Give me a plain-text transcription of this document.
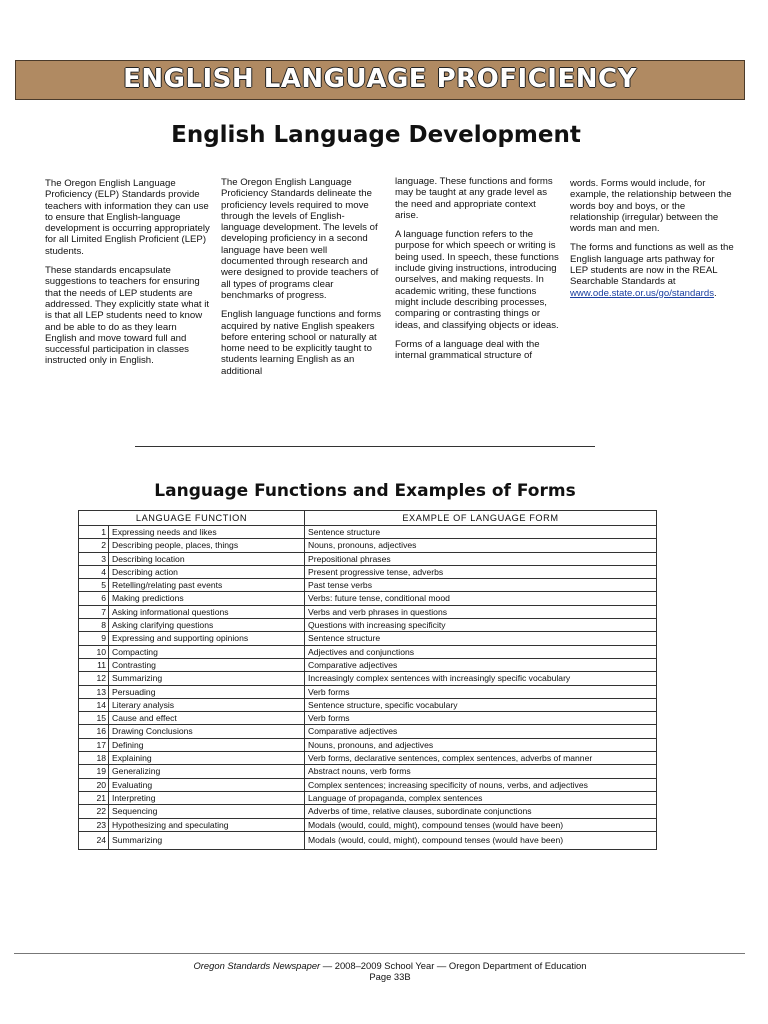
ENGLISH LANGUAGE PROFICIENCY
English Language Development

The Oregon English Language Proficiency (ELP) Standards provide teachers with information they can use to ensure that English-language development is occurring appropriately for all Limited English Proficient (LEP) students.

These standards encapsulate suggestions to teachers for ensuring that the needs of LEP students are addressed. They explicitly state what it is that all LEP students need to know and be able to do as they learn English and move toward full and successful participation in classes instructed only in English.

The Oregon English Language Proficiency Standards delineate the proficiency levels required to move through the levels of English-language development. The levels of developing proficiency in a second language have been well documented through research and were designed to provide teachers of all types of programs clear benchmarks of progress.

English language functions and forms acquired by native English speakers before entering school or naturally at home need to be explicitly taught to students learning English as an additional

language. These functions and forms may be taught at any grade level as the need and appropriate context arise.

A language function refers to the purpose for which speech or writing is being used. In speech, these functions include giving instructions, introducing ourselves, and making requests. In academic writing, these functions might include describing processes, comparing or contrasting things or ideas, and classifying objects or ideas.

Forms of a language deal with the internal grammatical structure of

words. Forms would include, for example, the relationship between the words boy and boys, or the relationship (irregular) between the words man and men.

The forms and functions as well as the English language arts pathway for LEP students are now in the REAL Searchable Standards at www.ode.state.or.us/go/standards.

Language Functions and Examples of Forms
LANGUAGE FUNCTION		EXAMPLE OF LANGUAGE FORM
1	Expressing needs and likes	Sentence structure
2	Describing people, places, things	Nouns, pronouns, adjectives
3	Describing location	Prepositional phrases
4	Describing action	Present progressive tense, adverbs
5	Retelling/relating past events	Past tense verbs
6	Making predictions	Verbs: future tense, conditional mood
7	Asking informational questions	Verbs and verb phrases in questions
8	Asking clarifying questions	Questions with increasing specificity
9	Expressing and supporting opinions	Sentence structure
10	Compacting	Adjectives and conjunctions
11	Contrasting	Comparative adjectives
12	Summarizing	Increasingly complex sentences with increasingly specific vocabulary
13	Persuading	Verb forms
14	Literary analysis	Sentence structure, specific vocabulary
15	Cause and effect	Verb forms
16	Drawing Conclusions	Comparative adjectives
17	Defining	Nouns, pronouns, and adjectives
18	Explaining	Verb forms, declarative sentences, complex sentences, adverbs of manner
19	Generalizing	Abstract nouns, verb forms
20	Evaluating	Complex sentences; increasing specificity of nouns, verbs, and adjectives
21	Interpreting	Language of propaganda, complex sentences
22	Sequencing	Adverbs of time, relative clauses, subordinate conjunctions
23	Hypothesizing and speculating	Modals (would, could, might), compound tenses (would have been)
24	Summarizing	Modals (would, could, might), compound tenses (would have been)
Oregon Standards Newspaper — 2008–2009 School Year — Oregon Department of Education
Page 33B
